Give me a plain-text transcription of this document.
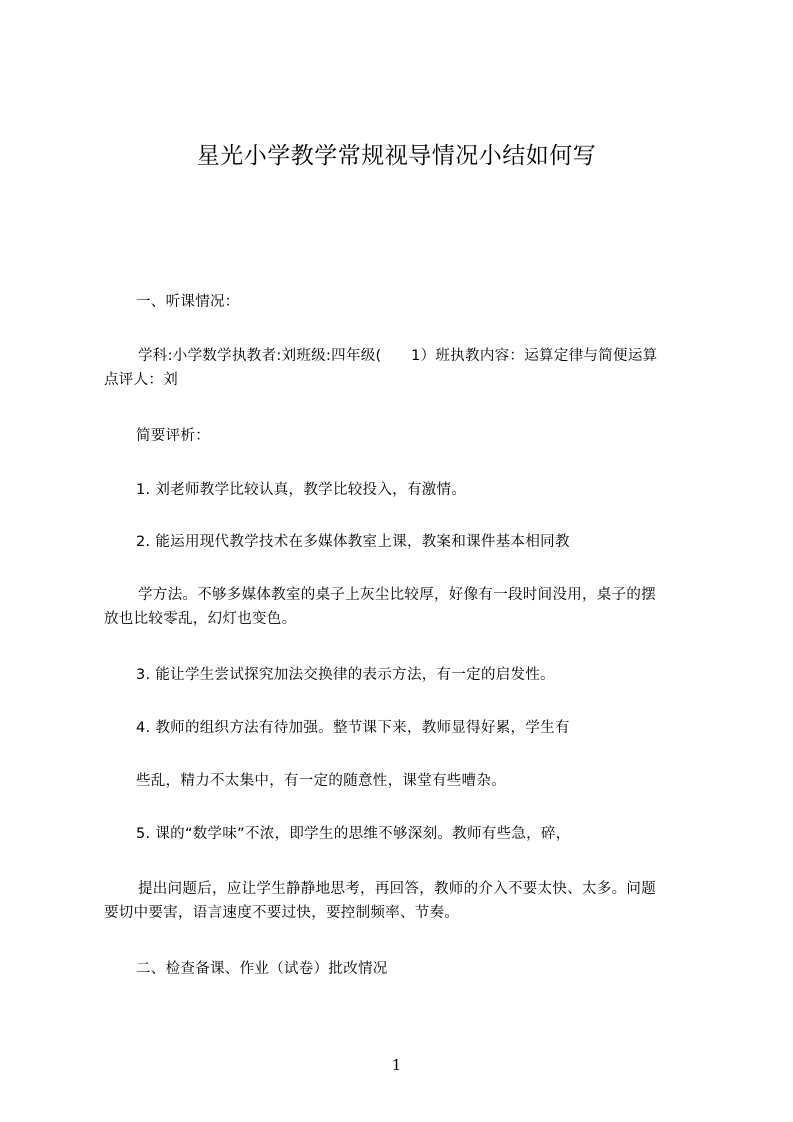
星光小学教学常规视导情况小结如何写

一、听课情况：

学科:小学数学执教者:刘班级:四年级(　　1）班执教内容：运算定律与简便运算
点评人：刘

简要评析：

1. 刘老师教学比较认真，教学比较投入，有激情。

2. 能运用现代教学技术在多媒体教室上课，教案和课件基本相同教

学方法。不够多媒体教室的桌子上灰尘比较厚，好像有一段时间没用，桌子的摆
放也比较零乱，幻灯也变色。

3. 能让学生尝试探究加法交换律的表示方法，有一定的启发性。

4. 教师的组织方法有待加强。整节课下来，教师显得好累，学生有

些乱，精力不太集中，有一定的随意性，课堂有些嘈杂。

5. 课的“数学味”不浓，即学生的思维不够深刻。教师有些急，碎，

提出问题后，应让学生静静地思考，再回答，教师的介入不要太快、太多。问题
要切中要害，语言速度不要过快，要控制频率、节奏。

二、检查备课、作业（试卷）批改情况

1
